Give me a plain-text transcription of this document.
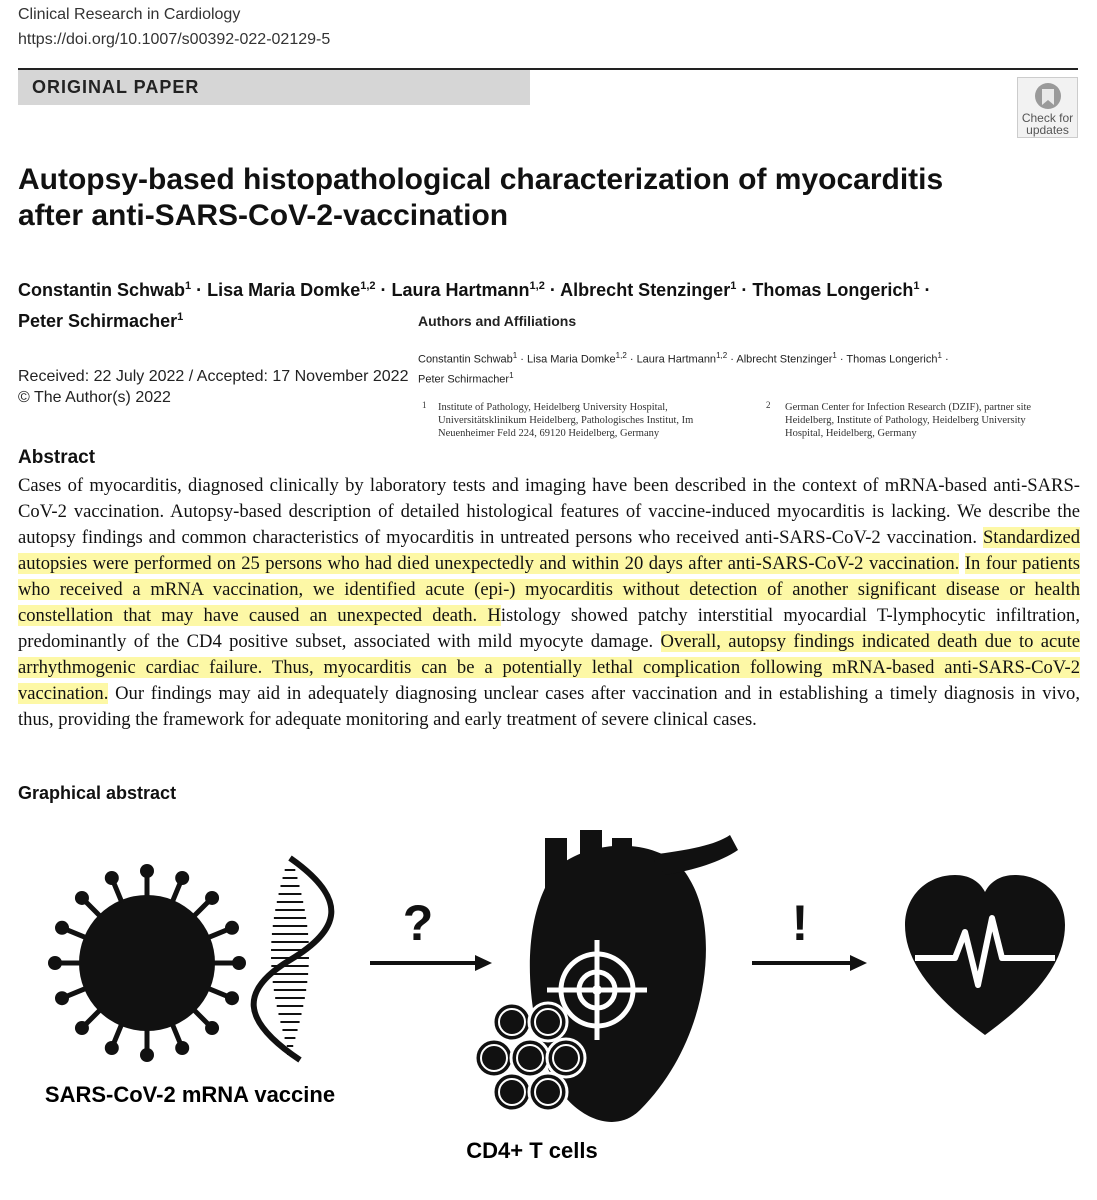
Clinical Research in Cardiology
https://doi.org/10.1007/s00392-022-02129-5
ORIGINAL PAPER
Check for
updates
Autopsy-based histopathological characterization of myocarditis
after anti-SARS-CoV-2-vaccination
Constantin Schwab$^1$ · Lisa Maria Domke$^{1,2}$ · Laura Hartmann$^{1,2}$ · Albrecht Stenzinger$^1$ · Thomas Longerich$^1$ ·
Peter Schirmacher$^1$
Received: 22 July 2022 / Accepted: 17 November 2022
© The Author(s) 2022
Authors and Affiliations
Constantin Schwab$^1$ · Lisa Maria Domke$^{1,2}$ · Laura Hartmann$^{1,2}$ · Albrecht Stenzinger$^1$ · Thomas Longerich$^1$ ·
Peter Schirmacher$^1$
1 Institute of Pathology, Heidelberg University Hospital,
Universitätsklinikum Heidelberg, Pathologisches Institut, Im
Neuenheimer Feld 224, 69120 Heidelberg, Germany
2 German Center for Infection Research (DZIF), partner site
Heidelberg, Institute of Pathology, Heidelberg University
Hospital, Heidelberg, Germany
Abstract
Cases of myocarditis, diagnosed clinically by laboratory tests and imaging have been described in the context of mRNA-based anti-SARS-CoV-2 vaccination. Autopsy-based description of detailed histological features of vaccine-induced myocarditis is lacking. We describe the autopsy findings and common characteristics of myocarditis in untreated persons who received anti-SARS-CoV-2 vaccination. Standardized autopsies were performed on 25 persons who had died unexpectedly and within 20 days after anti-SARS-CoV-2 vaccination. In four patients who received a mRNA vaccination, we identified acute (epi-) myocarditis without detection of another significant disease or health constellation that may have caused an unexpected death. Histology showed patchy interstitial myocardial T-lymphocytic infiltration, predominantly of the CD4 positive subset, associated with mild myocyte damage. Overall, autopsy findings indicated death due to acute arrhythmogenic cardiac failure. Thus, myocarditis can be a potentially lethal complication following mRNA-based anti-SARS-CoV-2 vaccination. Our findings may aid in adequately diagnosing unclear cases after vaccination and in establishing a timely diagnosis in vivo, thus, providing the framework for adequate monitoring and early treatment of severe clinical cases.
Graphical abstract
?
CD4+ T cells
!
SARS-CoV-2 mRNA vaccine
